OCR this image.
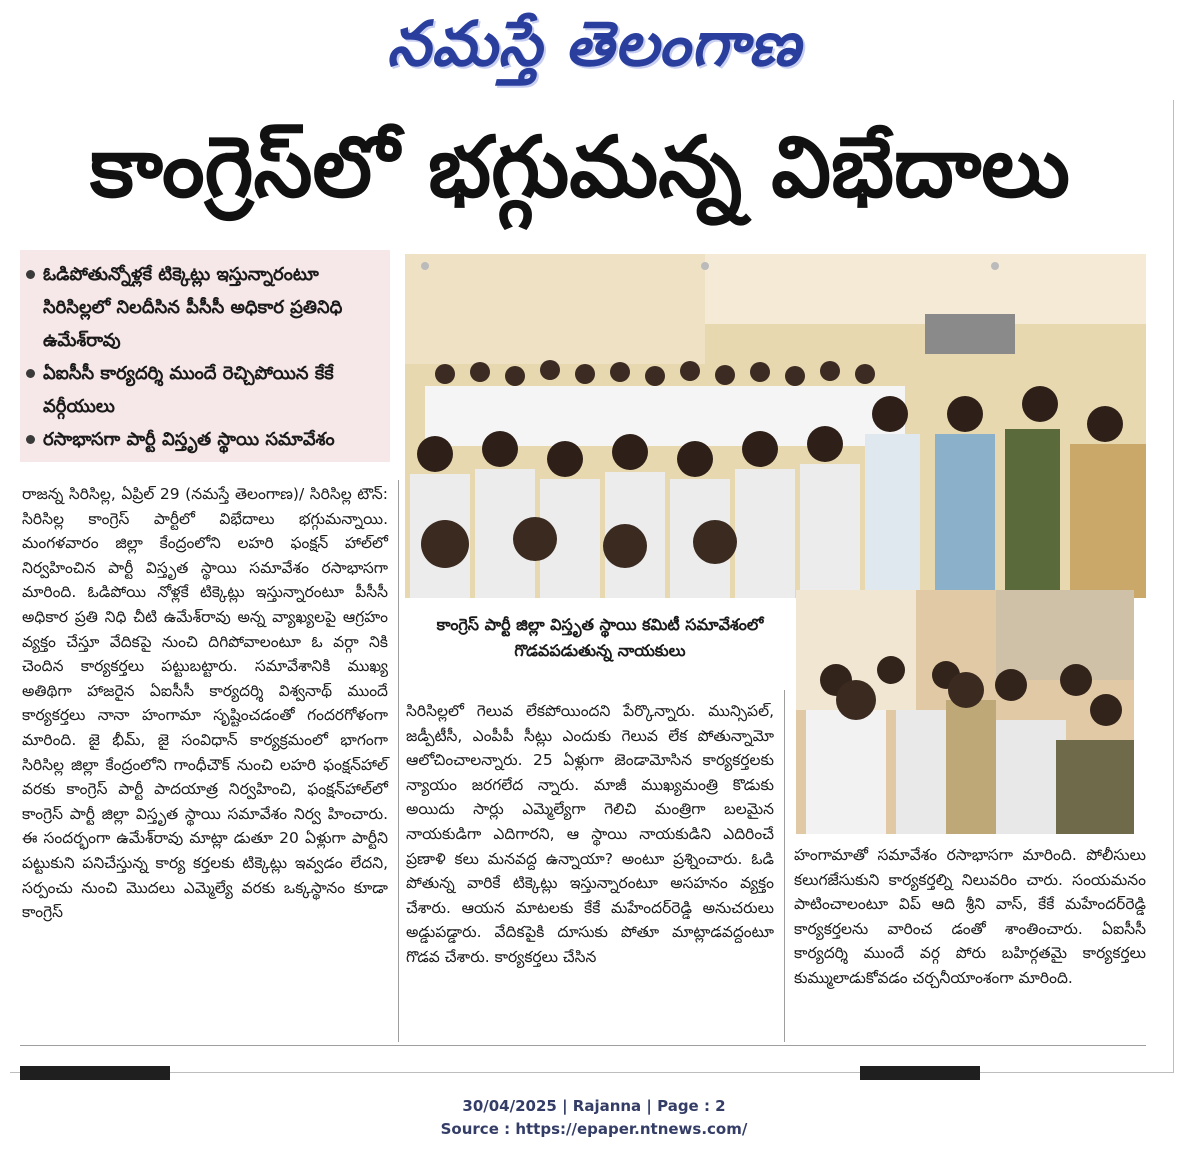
నమస్తే తెలంగాణ
కాంగ్రెస్‌లో భగ్గుమన్న విభేదాలు
ఓడిపోతున్నోళ్లకే టిక్కెట్లు ఇస్తున్నారంటూ సిరిసిల్లలో నిలదీసిన పీసీసీ అధికార ప్రతినిధి ఉమేశ్‌రావు
ఏఐసీసీ కార్యదర్శి ముందే రెచ్చిపోయిన కేకే వర్గీయులు
రసాభాసగా పార్టీ విస్తృత స్థాయి సమావేశం
కాంగ్రెస్ పార్టీ జిల్లా విస్తృత స్థాయి కమిటీ సమావేశంలో గొడవపడుతున్న నాయకులు
రాజన్న సిరిసిల్ల, ఏప్రిల్ 29 (నమస్తే తెలంగాణ)/ సిరిసిల్ల టౌన్: సిరిసిల్ల కాంగ్రెస్ పార్టీలో విభేదాలు భగ్గుమన్నాయి. మంగళవారం జిల్లా కేంద్రంలోని లహరి ఫంక్షన్ హాల్‌లో నిర్వహించిన పార్టీ విస్తృత స్థాయి సమావేశం రసాభాసగా మారింది. ఓడిపోయి నోళ్లకే టిక్కెట్లు ఇస్తున్నారంటూ పీసీసీ అధికార ప్రతి నిధి చీటి ఉమేశ్‌రావు అన్న వ్యాఖ్యలపై ఆగ్రహం వ్యక్తం చేస్తూ వేదికపై నుంచి దిగిపోవాలంటూ ఓ వర్గా నికి చెందిన కార్యకర్తలు పట్టుబట్టారు. సమావేశానికి ముఖ్య అతిథిగా హాజరైన ఏఐసీసీ కార్యదర్శి విశ్వనాథ్ ముందే కార్యకర్తలు నానా హంగామా సృష్టించడంతో గందరగోళంగా మారింది. జై భీమ్, జై సంవిధాన్ కార్యక్రమంలో భాగంగా సిరిసిల్ల జిల్లా కేంద్రంలోని గాంధీచౌక్ నుంచి లహరి ఫంక్షన్‌హాల్ వరకు కాంగ్రెస్ పార్టీ పాదయాత్ర నిర్వహించి, ఫంక్షన్‌హాల్‌లో కాంగ్రెస్ పార్టీ జిల్లా విస్తృత స్థాయి సమావేశం నిర్వ హించారు. ఈ సందర్భంగా ఉమేశ్‌రావు మాట్లా డుతూ 20 ఏళ్లుగా పార్టీని పట్టుకుని పనిచేస్తున్న కార్య కర్తలకు టిక్కెట్లు ఇవ్వడం లేదని, సర్పంచు నుంచి మొదలు ఎమ్మెల్యే వరకు ఒక్కస్థానం కూడా కాంగ్రెస్
సిరిసిల్లలో గెలువ లేకపోయిందని పేర్కొన్నారు. మున్సిపల్, జడ్పీటీసీ, ఎంపీపీ సీట్లు ఎందుకు గెలువ లేక పోతున్నామో ఆలోచించాలన్నారు. 25 ఏళ్లుగా జెండామోసిన కార్యకర్తలకు న్యాయం జరగలేద న్నారు. మాజీ ముఖ్యమంత్రి కొడుకు అయిదు సార్లు ఎమ్మెల్యేగా గెలిచి మంత్రిగా బలమైన నాయకుడిగా ఎదిగారని, ఆ స్థాయి నాయకుడిని ఎదిరించే ప్రణాళి కలు మనవద్ద ఉన్నాయా? అంటూ ప్రశ్నించారు. ఓడి పోతున్న వారికే టిక్కెట్లు ఇస్తున్నారంటూ అసహనం వ్యక్తం చేశారు. ఆయన మాటలకు కేకే మహేందర్‌రెడ్డి అనుచరులు అడ్డుపడ్డారు. వేదికపైకి దూసుకు పోతూ మాట్లాడవద్దంటూ గొడవ చేశారు. కార్యకర్తలు చేసిన
హంగామాతో సమావేశం రసాభాసగా మారింది. పోలీసులు కలుగజేసుకుని కార్యకర్తల్ని నిలువరిం చారు. సంయమనం పాటించాలంటూ విప్ ఆది శ్రీని వాస్, కేకే మహేందర్‌రెడ్డి కార్యకర్తలను వారించ డంతో శాంతించారు. ఏఐసీసీ కార్యదర్శి ముందే వర్గ పోరు బహిర్గతమై కార్యకర్తలు కుమ్ములాడుకోవడం చర్చనీయాంశంగా మారింది.
30/04/2025 | Rajanna | Page : 2
Source : https://epaper.ntnews.com/
